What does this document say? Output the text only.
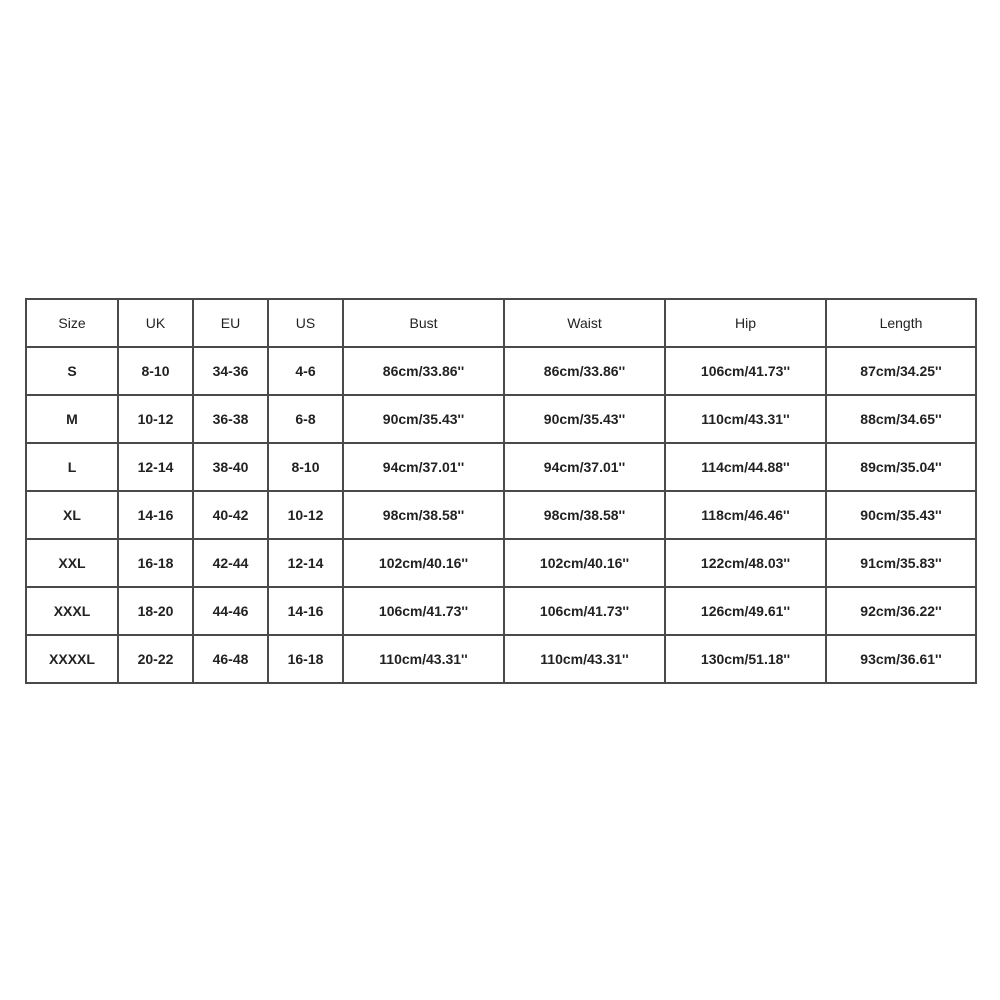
Size	UK	EU	US	Bust	Waist	Hip	Length
S	8-10	34-36	4-6	86cm/33.86''	86cm/33.86''	106cm/41.73''	87cm/34.25''
M	10-12	36-38	6-8	90cm/35.43''	90cm/35.43''	110cm/43.31''	88cm/34.65''
L	12-14	38-40	8-10	94cm/37.01''	94cm/37.01''	114cm/44.88''	89cm/35.04''
XL	14-16	40-42	10-12	98cm/38.58''	98cm/38.58''	118cm/46.46''	90cm/35.43''
XXL	16-18	42-44	12-14	102cm/40.16''	102cm/40.16''	122cm/48.03''	91cm/35.83''
XXXL	18-20	44-46	14-16	106cm/41.73''	106cm/41.73''	126cm/49.61''	92cm/36.22''
XXXXL	20-22	46-48	16-18	110cm/43.31''	110cm/43.31''	130cm/51.18''	93cm/36.61''
